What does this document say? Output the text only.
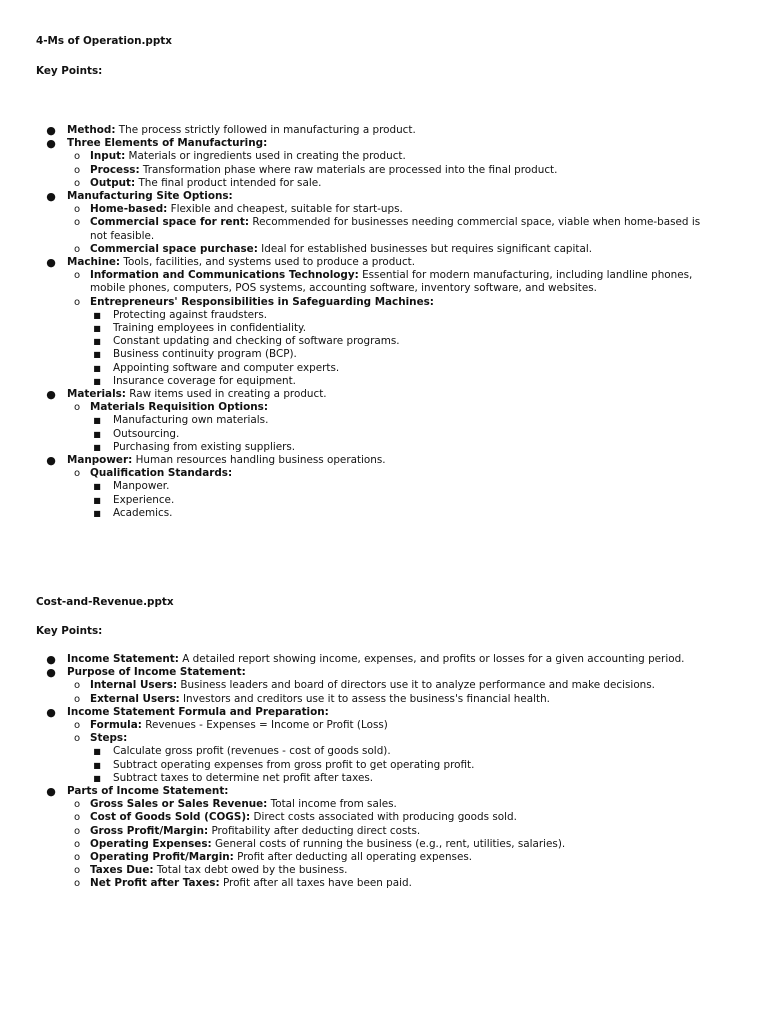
4-Ms of Operation.pptx
Key Points:
● Method: The process strictly followed in manufacturing a product.
● Three Elements of Manufacturing:
o Input: Materials or ingredients used in creating the product.
o Process: Transformation phase where raw materials are processed into the final product.
o Output: The final product intended for sale.
● Manufacturing Site Options:
o Home-based: Flexible and cheapest, suitable for start-ups.
o Commercial space for rent: Recommended for businesses needing commercial space, viable when home-based is not feasible.
o Commercial space purchase: Ideal for established businesses but requires significant capital.
● Machine: Tools, facilities, and systems used to produce a product.
o Information and Communications Technology: Essential for modern manufacturing, including landline phones, mobile phones, computers, POS systems, accounting software, inventory software, and websites.
o Entrepreneurs' Responsibilities in Safeguarding Machines:
■	Protecting against fraudsters.
■	Training employees in confidentiality.
■	Constant updating and checking of software programs.
■	Business continuity program (BCP).
■	Appointing software and computer experts.
■	Insurance coverage for equipment.
● Materials: Raw items used in creating a product.
o Materials Requisition Options:
■	Manufacturing own materials.
■	Outsourcing.
■	Purchasing from existing suppliers.
● Manpower: Human resources handling business operations.
o Qualification Standards:
■	Manpower.
■	Experience.
■	Academics.
Cost-and-Revenue.pptx
Key Points:
● Income Statement: A detailed report showing income, expenses, and profits or losses for a given accounting period.
● Purpose of Income Statement:
o Internal Users: Business leaders and board of directors use it to analyze performance and make decisions.
o External Users: Investors and creditors use it to assess the business's financial health.
● Income Statement Formula and Preparation:
o Formula: Revenues - Expenses = Income or Profit (Loss)
o Steps:
■	Calculate gross profit (revenues - cost of goods sold).
■	Subtract operating expenses from gross profit to get operating profit.
■	Subtract taxes to determine net profit after taxes.
● Parts of Income Statement:
o Gross Sales or Sales Revenue: Total income from sales.
o Cost of Goods Sold (COGS): Direct costs associated with producing goods sold.
o Gross Profit/Margin: Profitability after deducting direct costs.
o Operating Expenses: General costs of running the business (e.g., rent, utilities, salaries).
o Operating Profit/Margin: Profit after deducting all operating expenses.
o Taxes Due: Total tax debt owed by the business.
o Net Profit after Taxes: Profit after all taxes have been paid.
